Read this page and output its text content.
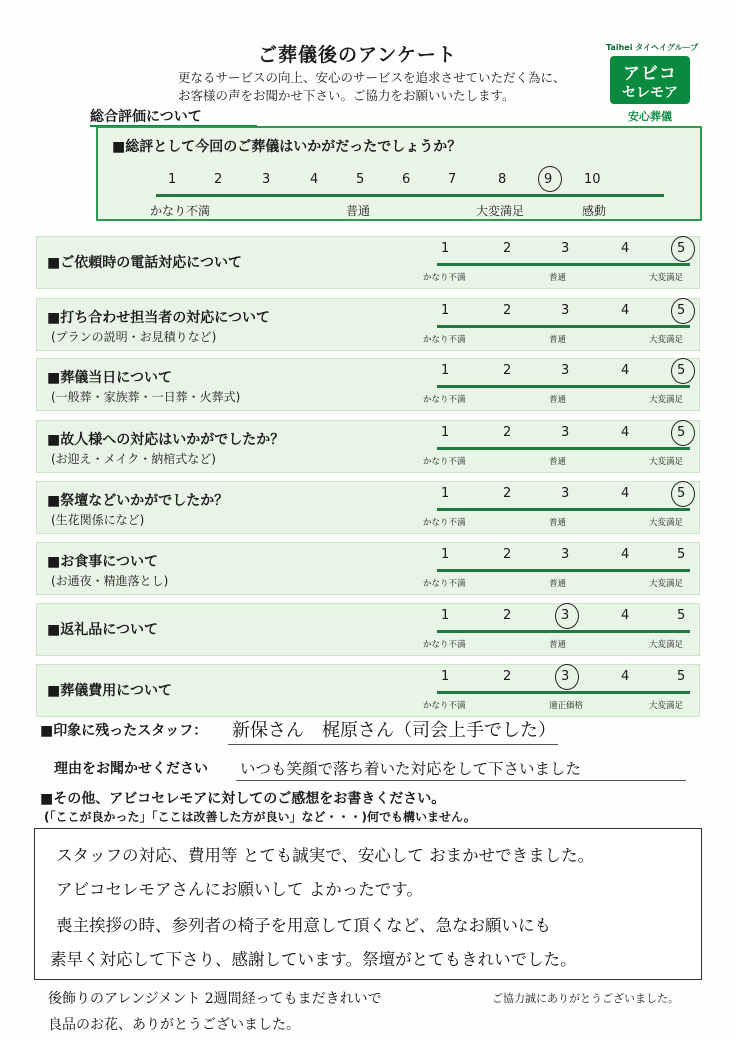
ご葬儀後のアンケート
更なるサービスの向上、安心のサービスを追求させていただく為に、
お客様の声をお聞かせ下さい。ご協力をお願いいたします。
Taihei タイヘイグループ
アビコ
セレモア
安心葬儀
総合評価について
■総評として今回のご葬儀はいかがだったでしょうか？
1	2	3	4	5	6	7	8	9 10
かなり不満	普通	大変満足	感動
■ご依頼時の電話対応について
1	2	3	4	5
かなり不満	普通	大変満足
■打ち合わせ担当者の対応について
(プランの説明・お見積りなど)
1	2	3	4	5
かなり不満	普通	大変満足
■葬儀当日について
(一般葬・家族葬・一日葬・火葬式)
1	2	3	4	5
かなり不満	普通	大変満足
■故人様への対応はいかがでしたか？
(お迎え・メイク・納棺式など)
1	2	3	4	5
かなり不満	普通	大変満足
■祭壇などいかがでしたか？
(生花関係になど)
1	2	3	4	5
かなり不満	普通	大変満足
■お食事について
(お通夜・精進落とし)
1	2	3	4	5
かなり不満	普通	大変満足
■返礼品について
1	2	3	4	5
かなり不満	普通	大変満足
■葬儀費用について
1	2	3	4	5
かなり不満	適正価格	大変満足
■印象に残ったスタッフ： 新保さん　梶原さん（司会上手でした）
理由をお聞かせください いつも笑顔で落ち着いた対応をして下さいました
■その他、アビコセレモアに対してのご感想をお書きください。
(「ここが良かった」「ここは改善した方が良い」など・・・)何でも構いません。
スタッフの対応、費用等 とても誠実で、安心して おまかせできました。
アビコセレモアさんにお願いして よかったです。
喪主挨拶の時、参列者の椅子を用意して頂くなど、急なお願いにも
素早く対応して下さり、感謝しています。祭壇がとてもきれいでした。
後飾りのアレンジメント 2週間経ってもまだきれいで
良品のお花、ありがとうございました。
ご協力誠にありがとうございました。
